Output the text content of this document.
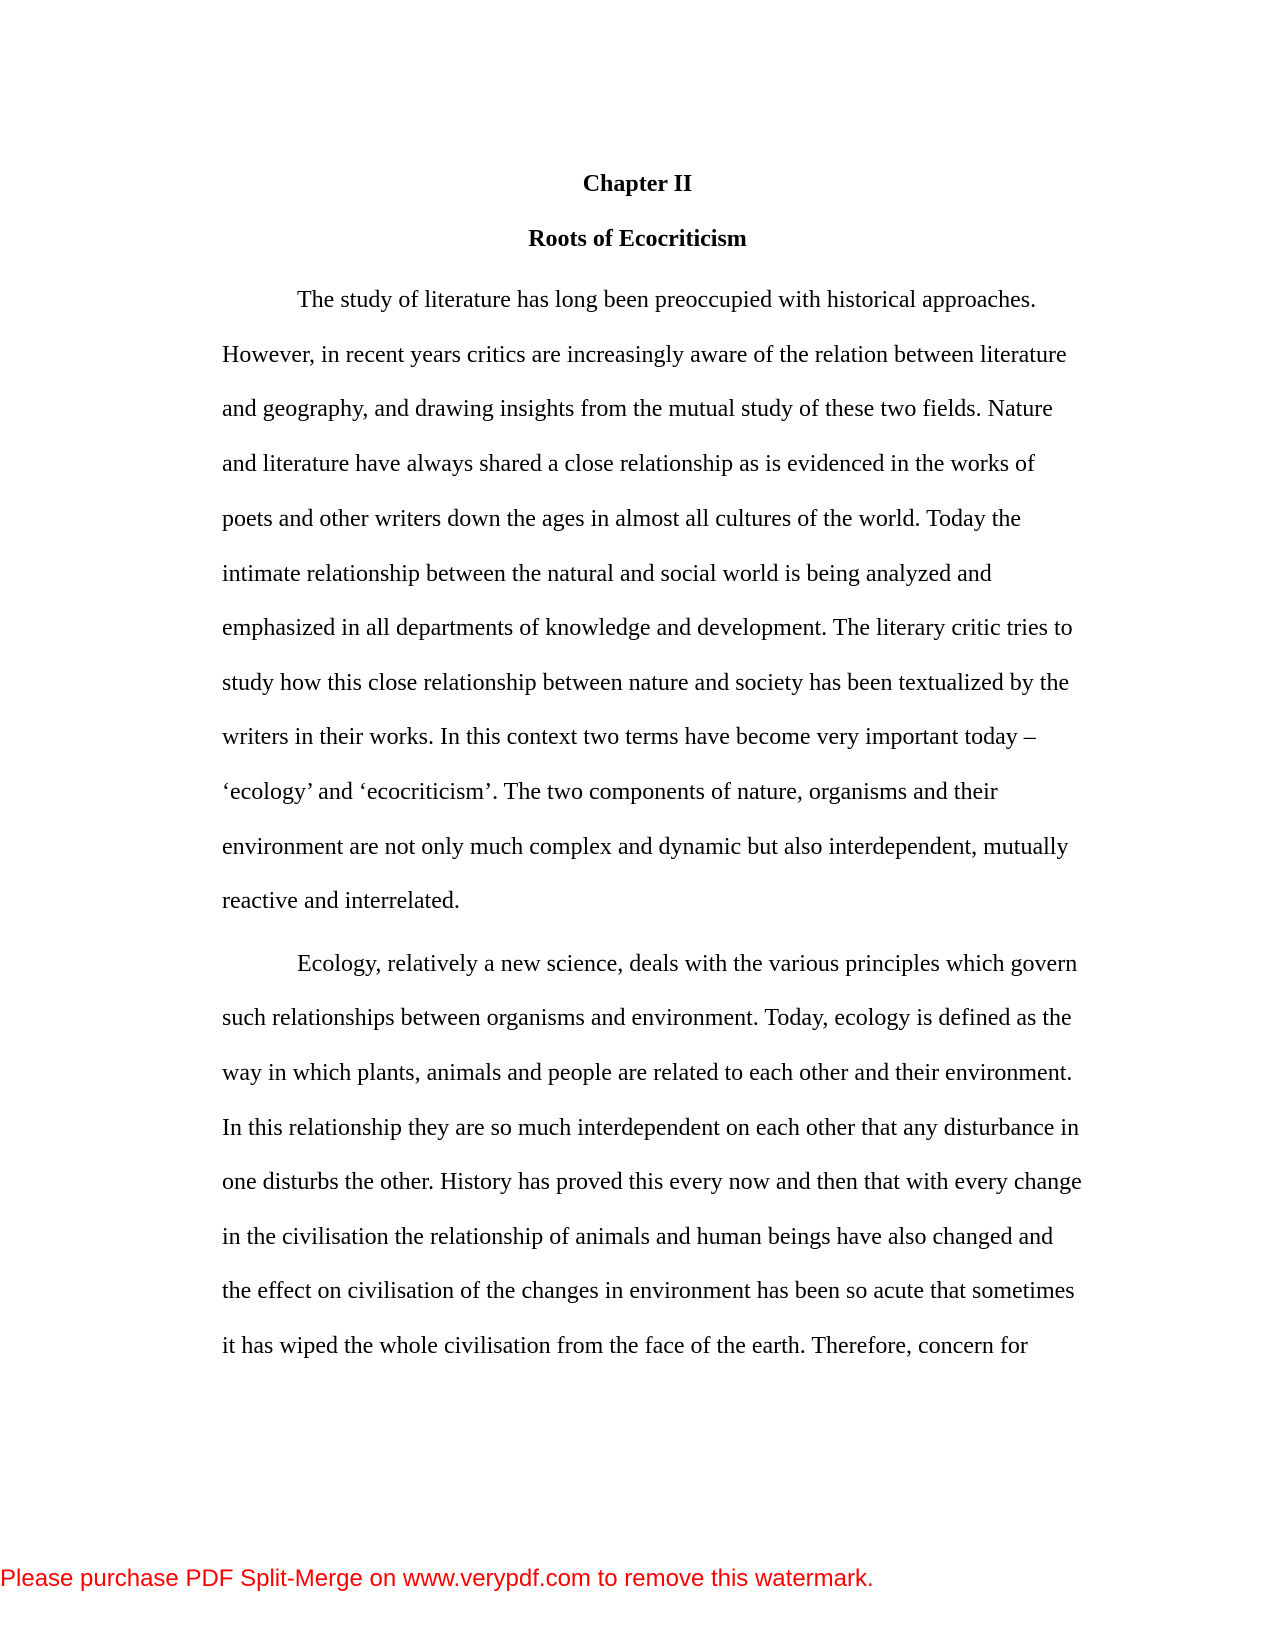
Chapter II
Roots of Ecocriticism
The study of literature has long been preoccupied with historical approaches.
However, in recent years critics are increasingly aware of the relation between literature
and geography, and drawing insights from the mutual study of these two fields. Nature
and literature have always shared a close relationship as is evidenced in the works of
poets and other writers down the ages in almost all cultures of the world. Today the
intimate relationship between the natural and social world is being analyzed and
emphasized in all departments of knowledge and development. The literary critic tries to
study how this close relationship between nature and society has been textualized by the
writers in their works. In this context two terms have become very important today –
‘ecology’ and ‘ecocriticism’. The two components of nature, organisms and their
environment are not only much complex and dynamic but also interdependent, mutually
reactive and interrelated.
Ecology, relatively a new science, deals with the various principles which govern
such relationships between organisms and environment. Today, ecology is defined as the
way in which plants, animals and people are related to each other and their environment.
In this relationship they are so much interdependent on each other that any disturbance in
one disturbs the other. History has proved this every now and then that with every change
in the civilisation the relationship of animals and human beings have also changed and
the effect on civilisation of the changes in environment has been so acute that sometimes
it has wiped the whole civilisation from the face of the earth. Therefore, concern for
Please purchase PDF Split-Merge on www.verypdf.com to remove this watermark.
